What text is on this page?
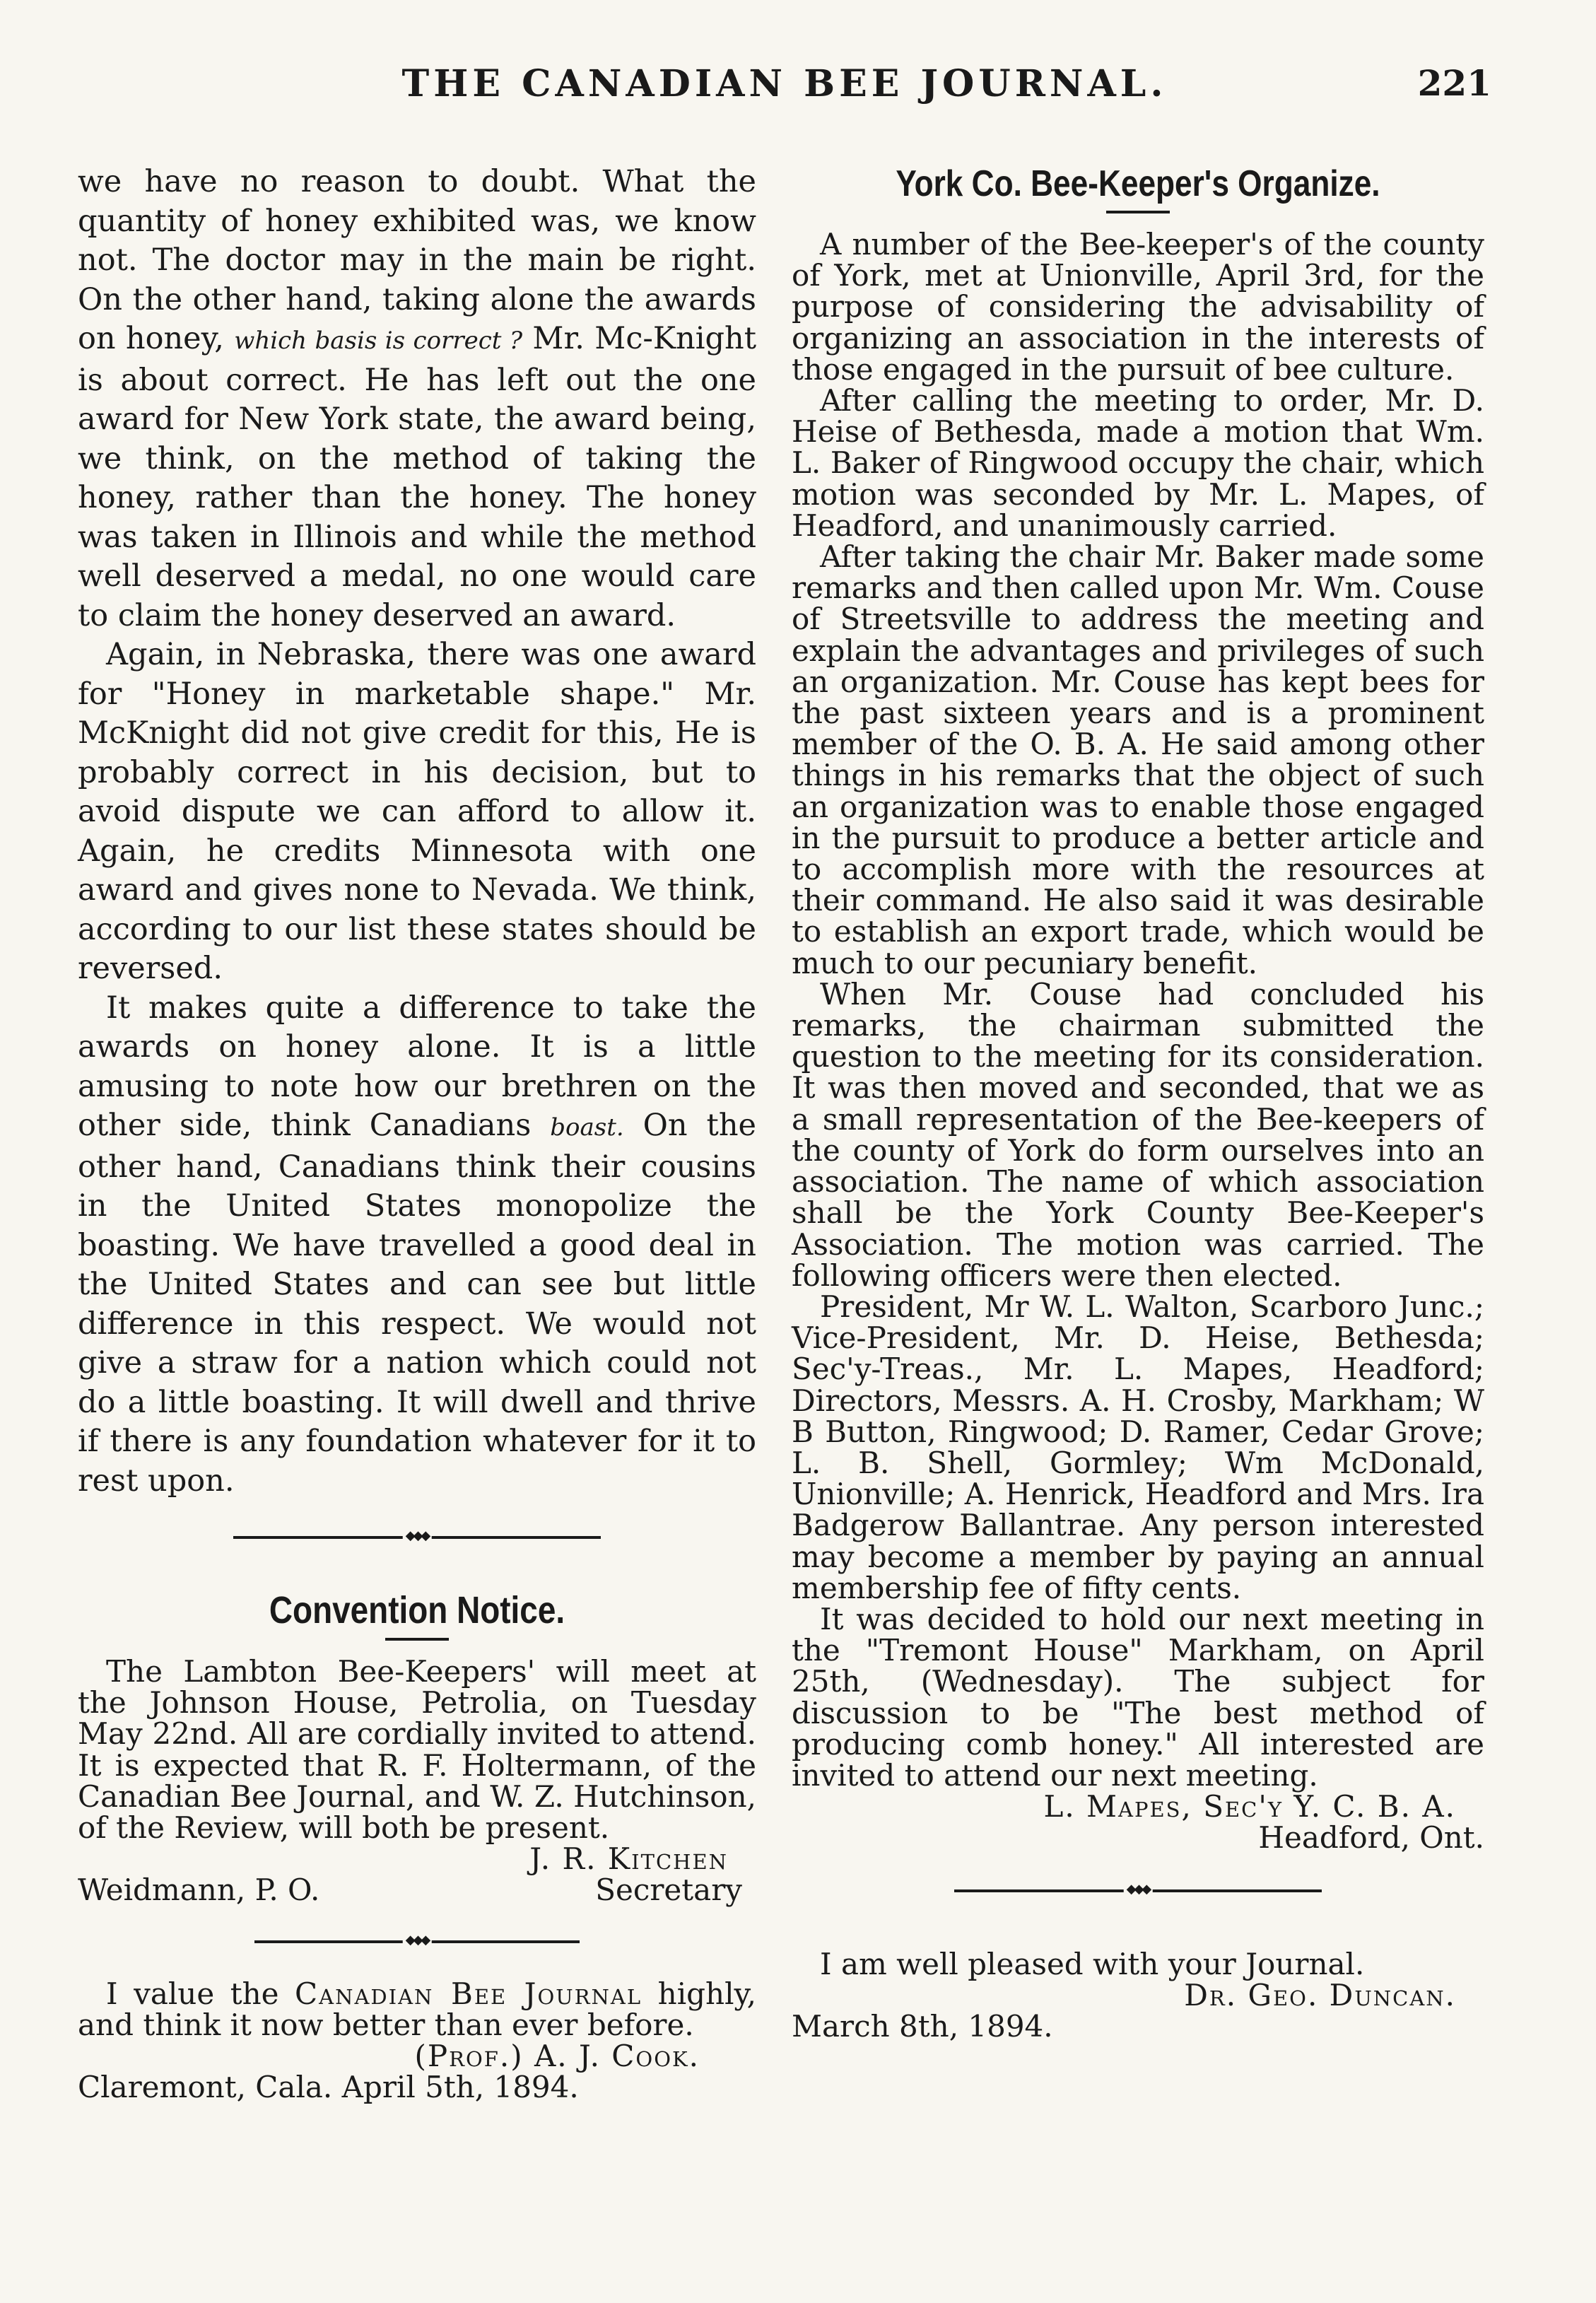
THE CANADIAN BEE JOURNAL.	221

we have no reason to doubt. What the quantity of honey exhibited was, we know not. The doctor may in the main be right. On the other hand, taking alone the awards on honey, which basis is correct ? Mr. Mc-Knight is about correct. He has left out the one award for New York state, the award being, we think, on the method of taking the honey, rather than the honey. The honey was taken in Illinois and while the method well deserved a medal, no one would care to claim the honey deserved an award.

Again, in Nebraska, there was one award for "Honey in marketable shape." Mr. McKnight did not give credit for this, He is probably correct in his decision, but to avoid dispute we can afford to allow it. Again, he credits Minnesota with one award and gives none to Nevada. We think, according to our list these states should be reversed.

It makes quite a difference to take the awards on honey alone. It is a little amusing to note how our brethren on the other side, think Canadians boast. On the other hand, Canadians think their cousins in the United States monopolize the boasting. We have travelled a good deal in the United States and can see but little difference in this respect. We would not give a straw for a nation which could not do a little boasting. It will dwell and thrive if there is any foundation whatever for it to rest upon.

◆◆◆
Convention Notice.

The Lambton Bee-Keepers' will meet at the Johnson House, Petrolia, on Tuesday May 22nd. All are cordially invited to attend. It is expected that R. F. Holtermann, of the Canadian Bee Journal, and W. Z. Hutchinson, of the Review, will both be present.

J. R. Kitchen
Weidmann, P. O.	Secretary
◆◆◆

I value the Canadian Bee Journal highly, and think it now better than ever before.

(Prof.) A. J. Cook.
Claremont, Cala. April 5th, 1894.
York Co. Bee-Keeper's Organize.

A number of the Bee-keeper's of the county of York, met at Unionville, April 3rd, for the purpose of considering the advisability of organizing an association in the interests of those engaged in the pursuit of bee culture.

After calling the meeting to order, Mr. D. Heise of Bethesda, made a motion that Wm. L. Baker of Ringwood occupy the chair, which motion was seconded by Mr. L. Mapes, of Headford, and unanimously carried.

After taking the chair Mr. Baker made some remarks and then called upon Mr. Wm. Couse of Streetsville to address the meeting and explain the advantages and privileges of such an organization. Mr. Couse has kept bees for the past sixteen years and is a prominent member of the O. B. A. He said among other things in his remarks that the object of such an organization was to enable those engaged in the pursuit to produce a better article and to accomplish more with the resources at their command. He also said it was desirable to establish an export trade, which would be much to our pecuniary benefit.

When Mr. Couse had concluded his remarks, the chairman submitted the question to the meeting for its consideration. It was then moved and seconded, that we as a small representation of the Bee-keepers of the county of York do form ourselves into an association. The name of which association shall be the York County Bee-Keeper's Association. The motion was carried. The following officers were then elected.

President, Mr W. L. Walton, Scarboro Junc.; Vice-President, Mr. D. Heise, Bethesda; Sec'y-Treas., Mr. L. Mapes, Headford; Directors, Messrs. A. H. Crosby, Markham; W B Button, Ringwood; D. Ramer, Cedar Grove; L. B. Shell, Gormley; Wm McDonald, Unionville; A. Henrick, Headford and Mrs. Ira Badgerow Ballantrae. Any person interested may become a member by paying an annual membership fee of fifty cents.

It was decided to hold our next meeting in the "Tremont House" Markham, on April 25th, (Wednesday). The subject for discussion to be "The best method of producing comb honey." All interested are invited to attend our next meeting.

L. Mapes, Sec'y Y. C. B. A.
Headford, Ont.
◆◆◆

I am well pleased with your Journal.

Dr. Geo. Duncan.
March 8th, 1894.
